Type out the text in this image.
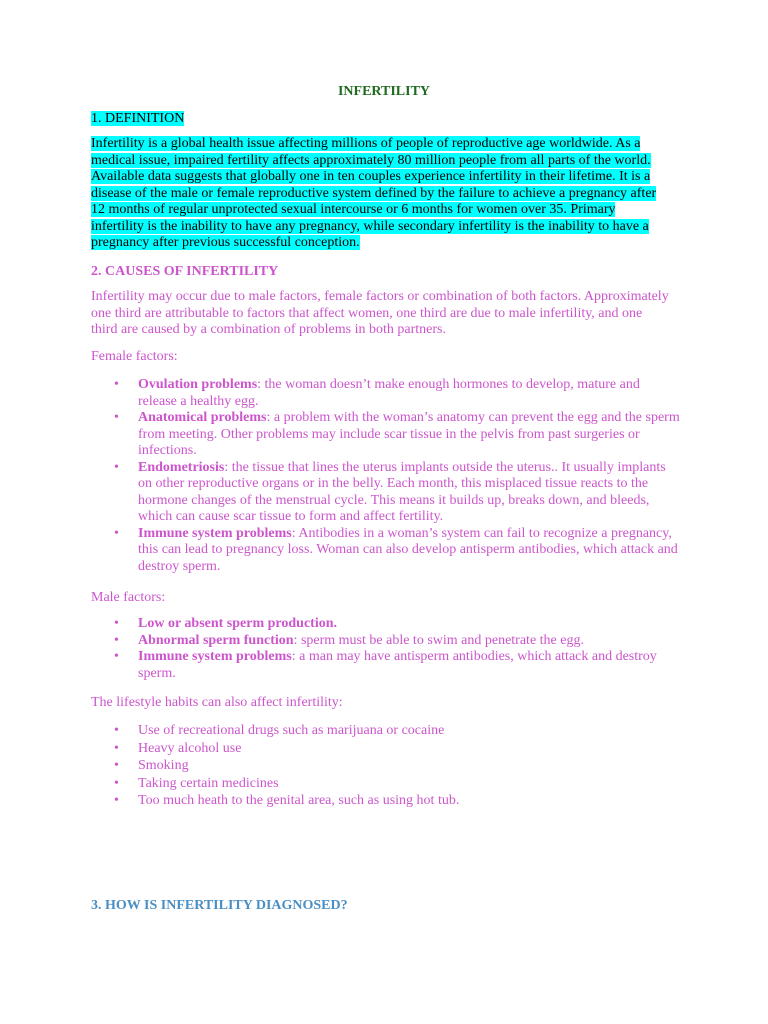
INFERTILITY
1. DEFINITION
Infertility is a global health issue affecting millions of people of reproductive age worldwide. As a medical issue, impaired fertility affects approximately 80 million people from all parts of the world. Available data suggests that globally one in ten couples experience infertility in their lifetime. It is a disease of the male or female reproductive system defined by the failure to achieve a pregnancy after 12 months of regular unprotected sexual intercourse or 6 months for women over 35. Primary infertility is the inability to have any pregnancy, while secondary infertility is the inability to have a pregnancy after previous successful conception.
2. CAUSES OF INFERTILITY
Infertility may occur due to male factors, female factors or combination of both factors. Approximately one third are attributable to factors that affect women, one third are due to male infertility, and one third are caused by a combination of problems in both partners.
Female factors:
• Ovulation problems: the woman doesn’t make enough hormones to develop, mature and release a healthy egg.
• Anatomical problems: a problem with the woman’s anatomy can prevent the egg and the sperm from meeting. Other problems may include scar tissue in the pelvis from past surgeries or infections.
• Endometriosis: the tissue that lines the uterus implants outside the uterus.. It usually implants on other reproductive organs or in the belly. Each month, this misplaced tissue reacts to the hormone changes of the menstrual cycle. This means it builds up, breaks down, and bleeds, which can cause scar tissue to form and affect fertility.
• Immune system problems: Antibodies in a woman’s system can fail to recognize a pregnancy, this can lead to pregnancy loss. Woman can also develop antisperm antibodies, which attack and destroy sperm.
Male factors:
• Low or absent sperm production.
• Abnormal sperm function: sperm must be able to swim and penetrate the egg.
• Immune system problems: a man may have antisperm antibodies, which attack and destroy sperm.
The lifestyle habits can also affect infertility:
• Use of recreational drugs such as marijuana or cocaine
• Heavy alcohol use
• Smoking
• Taking certain medicines
• Too much heath to the genital area, such as using hot tub.
3. HOW IS INFERTILITY DIAGNOSED?
